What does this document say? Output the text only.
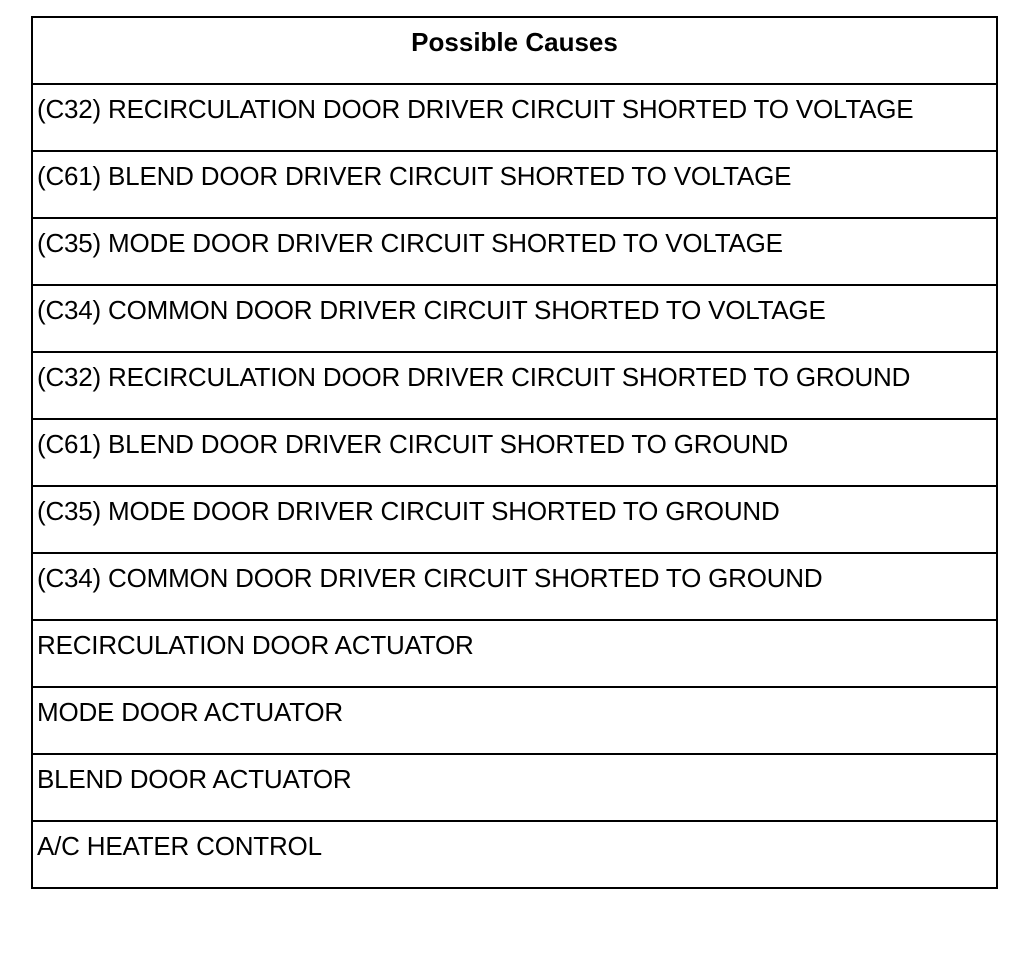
Possible Causes
(C32) RECIRCULATION DOOR DRIVER CIRCUIT SHORTED TO VOLTAGE
(C61) BLEND DOOR DRIVER CIRCUIT SHORTED TO VOLTAGE
(C35) MODE DOOR DRIVER CIRCUIT SHORTED TO VOLTAGE
(C34) COMMON DOOR DRIVER CIRCUIT SHORTED TO VOLTAGE
(C32) RECIRCULATION DOOR DRIVER CIRCUIT SHORTED TO GROUND
(C61) BLEND DOOR DRIVER CIRCUIT SHORTED TO GROUND
(C35) MODE DOOR DRIVER CIRCUIT SHORTED TO GROUND
(C34) COMMON DOOR DRIVER CIRCUIT SHORTED TO GROUND
RECIRCULATION DOOR ACTUATOR
MODE DOOR ACTUATOR
BLEND DOOR ACTUATOR
A/C HEATER CONTROL
